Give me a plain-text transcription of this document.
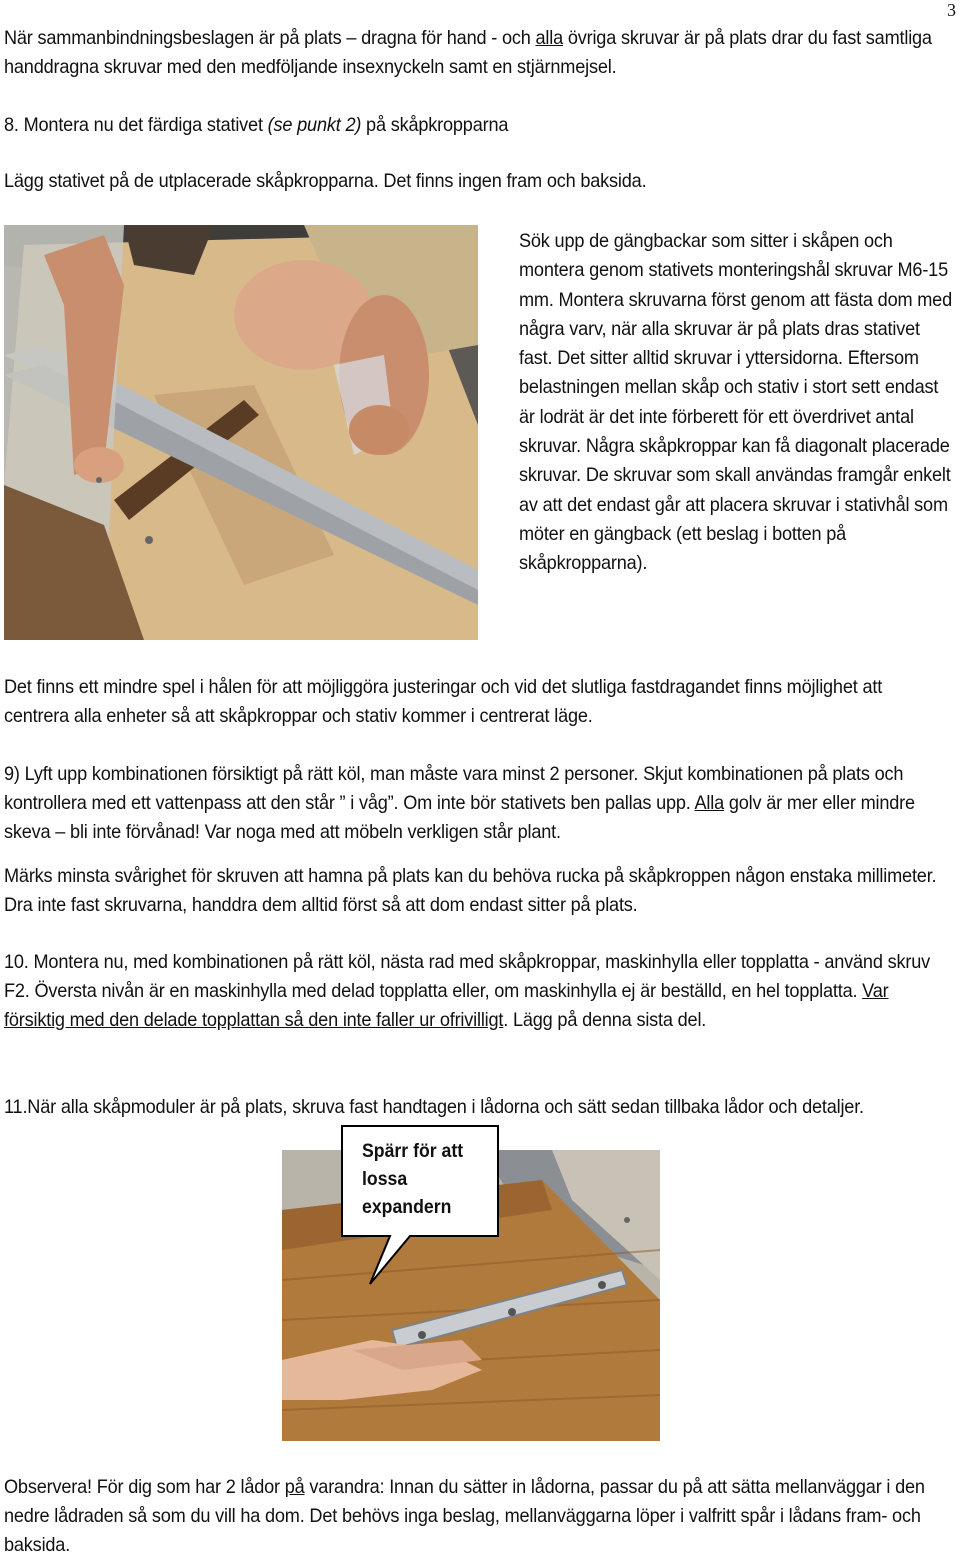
3

När sammanbindningsbeslagen är på plats – dragna för hand - och alla övriga skruvar är på plats drar du fast samtliga handdragna skruvar med den medföljande insexnyckeln samt en stjärnmejsel.

8. Montera nu det färdiga stativet (se punkt 2) på skåpkropparna

Lägg stativet på de utplacerade skåpkropparna. Det finns ingen fram och baksida.

Sök upp de gängbackar som sitter i skåpen och montera genom stativets monteringshål skruvar M6-15 mm. Montera skruvarna först genom att fästa dom med några varv, när alla skruvar är på plats dras stativet fast. Det sitter alltid skruvar i yttersidorna. Eftersom belastningen mellan skåp och stativ i stort sett endast är lodrät är det inte förberett för ett överdrivet antal skruvar. Några skåpkroppar kan få diagonalt placerade skruvar. De skruvar som skall användas framgår enkelt av att det endast går att placera skruvar i stativhål som möter en gängback (ett beslag i botten på skåpkropparna).

Det finns ett mindre spel i hålen för att möjliggöra justeringar och vid det slutliga fastdragandet finns möjlighet att centrera alla enheter så att skåpkroppar och stativ kommer i centrerat läge.

9) Lyft upp kombinationen försiktigt på rätt köl, man måste vara minst 2 personer. Skjut kombinationen på plats och kontrollera med ett vattenpass att den står ” i våg”. Om inte bör stativets ben pallas upp. Alla golv är mer eller mindre skeva – bli inte förvånad! Var noga med att möbeln verkligen står plant.

Märks minsta svårighet för skruven att hamna på plats kan du behöva rucka på skåpkroppen någon enstaka millimeter. Dra inte fast skruvarna, handdra dem alltid först så att dom endast sitter på plats.

10. Montera nu, med kombinationen på rätt köl, nästa rad med skåpkroppar, maskinhylla eller topplatta - använd skruv F2. Översta nivån är en maskinhylla med delad topplatta eller, om maskinhylla ej är beställd, en hel topplatta. Var försiktig med den delade topplattan så den inte faller ur ofrivilligt. Lägg på denna sista del.

11.När alla skåpmoduler är på plats, skruva fast handtagen i lådorna och sätt sedan tillbaka lådor och detaljer.

Spärr för att lossa expandern

Observera! För dig som har 2 lådor på varandra: Innan du sätter in lådorna, passar du på att sätta mellanväggar i den nedre lådraden så som du vill ha dom. Det behövs inga beslag, mellanväggarna löper i valfritt spår i lådans fram- och baksida.
